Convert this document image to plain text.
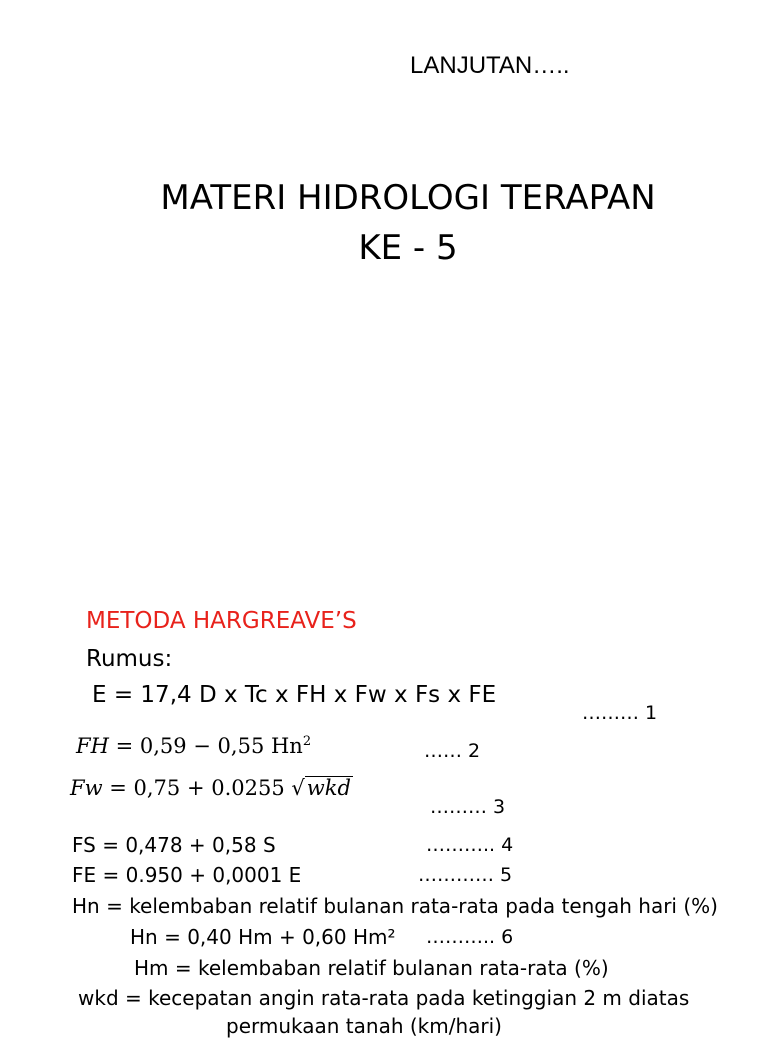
LANJUTAN…..
MATERI HIDROLOGI TERAPAN
KE - 5
METODA HARGREAVE’S
Rumus:
E = 17,4 D x Tc x FH x Fw x Fs x FE
……… 1
FH = 0,59 − 0,55 Hn$^2$	…… 2
Fw = 0,75 + 0.0255 √wkd
……… 3
FS = 0,478 + 0,58 S	……….. 4
FE = 0.950 + 0,0001 E	………… 5
Hn = kelembaban relatif bulanan rata-rata pada tengah hari (%)
Hn = 0,40 Hm + 0,60 Hm² ……….. 6
Hm = kelembaban relatif bulanan rata-rata (%)
wkd = kecepatan angin rata-rata pada ketinggian 2 m diatas
permukaan tanah (km/hari)
